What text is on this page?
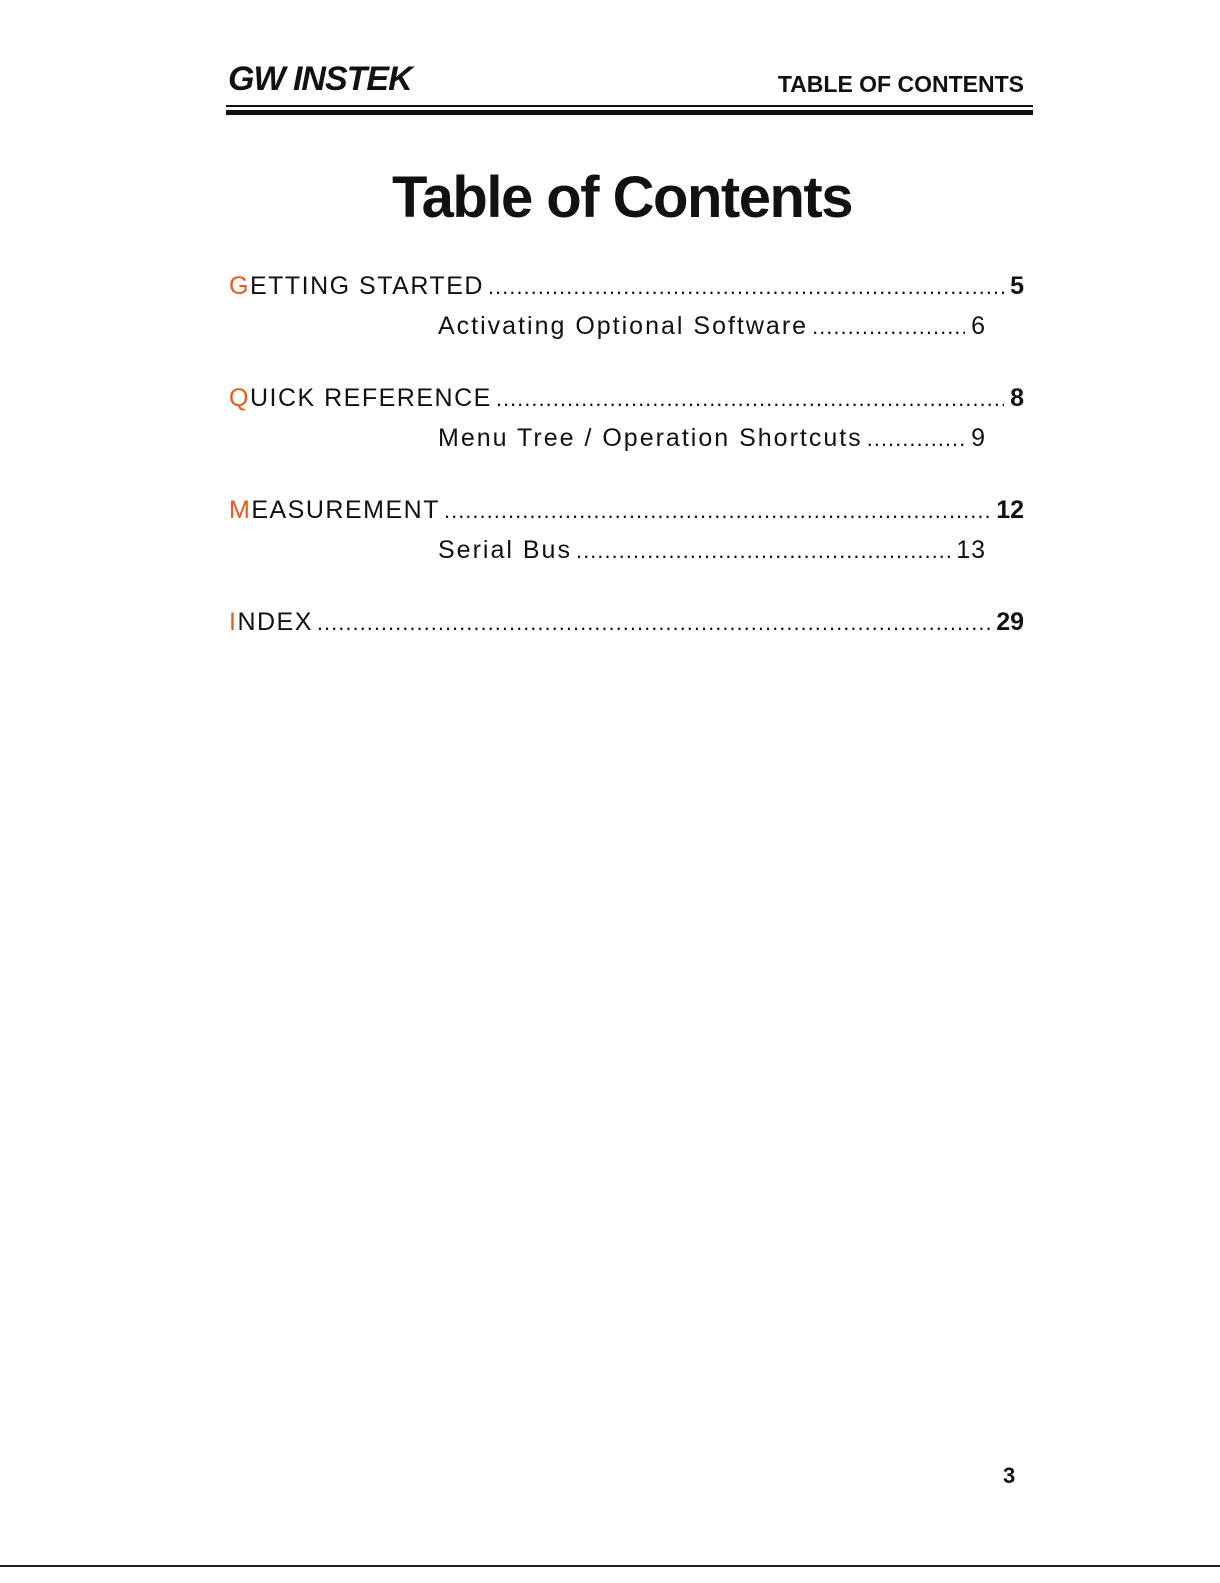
GW INSTEK	TABLE OF CONTENTS
Table of Contents
GETTING STARTED .....	5
Activating Optional Software .....	6
QUICK REFERENCE .....	8
Menu Tree / Operation Shortcuts .....	9
MEASUREMENT .....	12
Serial Bus .....	13
INDEX .....	29
3
